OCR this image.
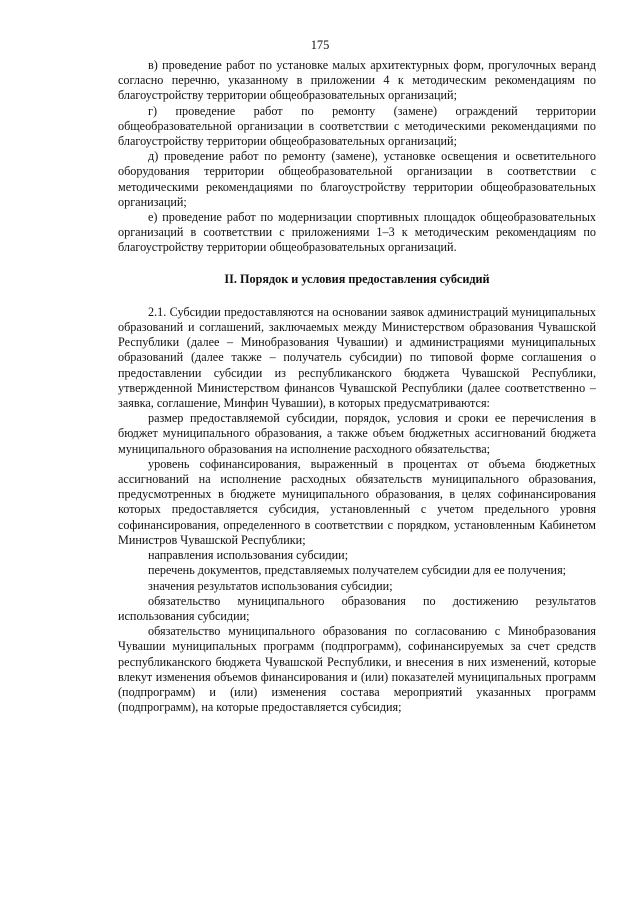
175

в) проведение работ по установке малых архитектурных форм, прогулочных веранд согласно перечню, указанному в приложении 4 к методическим рекомендациям по благоустройству территории общеобразовательных организаций;

г) проведение работ по ремонту (замене) ограждений территории общеобразовательной организации в соответствии с методическими рекомендациями по благоустройству территории общеобразовательных организаций;

д) проведение работ по ремонту (замене), установке освещения и осветительного оборудования территории общеобразовательной организации в соответствии с методическими рекомендациями по благоустройству территории общеобразовательных организаций;

е) проведение работ по модернизации спортивных площадок общеобразовательных организаций в соответствии с приложениями 1–3 к методическим рекомендациям по благоустройству территории общеобразовательных организаций.

II. Порядок и условия предоставления субсидий

2.1. Субсидии предоставляются на основании заявок администраций муниципальных образований и соглашений, заключаемых между Министерством образования Чувашской Республики (далее – Минобразования Чувашии) и администрациями муниципальных образований (далее также – получатель субсидии) по типовой форме соглашения о предоставлении субсидии из республиканского бюджета Чувашской Республики, утвержденной Министерством финансов Чувашской Республики (далее соответственно – заявка, соглашение, Минфин Чувашии), в которых предусматриваются:

размер предоставляемой субсидии, порядок, условия и сроки ее перечисления в бюджет муниципального образования, а также объем бюджетных ассигнований бюджета муниципального образования на исполнение расходного обязательства;

уровень софинансирования, выраженный в процентах от объема бюджетных ассигнований на исполнение расходных обязательств муниципального образования, предусмотренных в бюджете муниципального образования, в целях софинансирования которых предоставляется субсидия, установленный с учетом предельного уровня софинансирования, определенного в соответствии с порядком, установленным Кабинетом Министров Чувашской Республики;

направления использования субсидии;

перечень документов, представляемых получателем субсидии для ее получения;

значения результатов использования субсидии;

обязательство муниципального образования по достижению результатов использования субсидии;

обязательство муниципального образования по согласованию с Минобразования Чувашии муниципальных программ (подпрограмм), софинансируемых за счет средств республиканского бюджета Чувашской Республики, и внесения в них изменений, которые влекут изменения объемов финансирования и (или) показателей муниципальных программ (подпрограмм) и (или) изменения состава мероприятий указанных программ (подпрограмм), на которые предоставляется субсидия;
